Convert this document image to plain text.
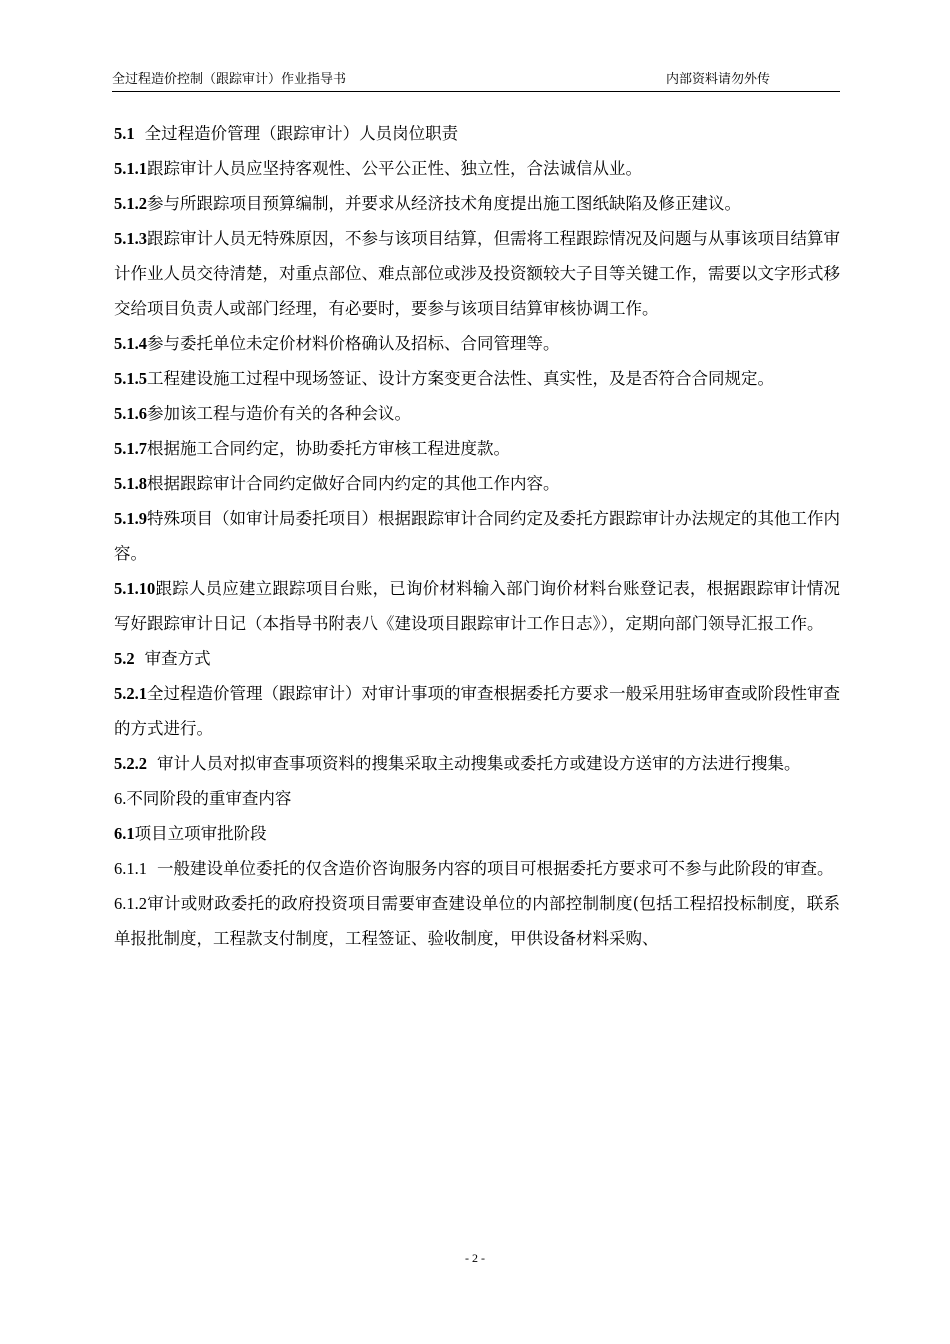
全过程造价控制（跟踪审计）作业指导书	内部资料请勿外传

5.1 全过程造价管理（跟踪审计）人员岗位职责

5.1.1跟踪审计人员应坚持客观性、公平公正性、独立性，合法诚信从业。

5.1.2参与所跟踪项目预算编制，并要求从经济技术角度提出施工图纸缺陷及修正建议。

5.1.3跟踪审计人员无特殊原因，不参与该项目结算，但需将工程跟踪情况及问题与从事该项目结算审计作业人员交待清楚，对重点部位、难点部位或涉及投资额较大子目等关键工作，需要以文字形式移交给项目负责人或部门经理，有必要时，要参与该项目结算审核协调工作。

5.1.4参与委托单位未定价材料价格确认及招标、合同管理等。

5.1.5工程建设施工过程中现场签证、设计方案变更合法性、真实性，及是否符合合同规定。

5.1.6参加该工程与造价有关的各种会议。

5.1.7根据施工合同约定，协助委托方审核工程进度款。

5.1.8根据跟踪审计合同约定做好合同内约定的其他工作内容。

5.1.9特殊项目（如审计局委托项目）根据跟踪审计合同约定及委托方跟踪审计办法规定的其他工作内容。

5.1.10跟踪人员应建立跟踪项目台账，已询价材料输入部门询价材料台账登记表，根据跟踪审计情况写好跟踪审计日记（本指导书附表八《建设项目跟踪审计工作日志》），定期向部门领导汇报工作。

5.2 审查方式

5.2.1全过程造价管理（跟踪审计）对审计事项的审查根据委托方要求一般采用驻场审查或阶段性审查的方式进行。

5.2.2 审计人员对拟审查事项资料的搜集采取主动搜集或委托方或建设方送审的方法进行搜集。

6.不同阶段的重审查内容

6.1项目立项审批阶段

6.1.1 一般建设单位委托的仅含造价咨询服务内容的项目可根据委托方要求可不参与此阶段的审查。

6.1.2审计或财政委托的政府投资项目需要审查建设单位的内部控制制度(包括工程招投标制度，联系单报批制度，工程款支付制度，工程签证、验收制度，甲供设备材料采购、

- 2 -
